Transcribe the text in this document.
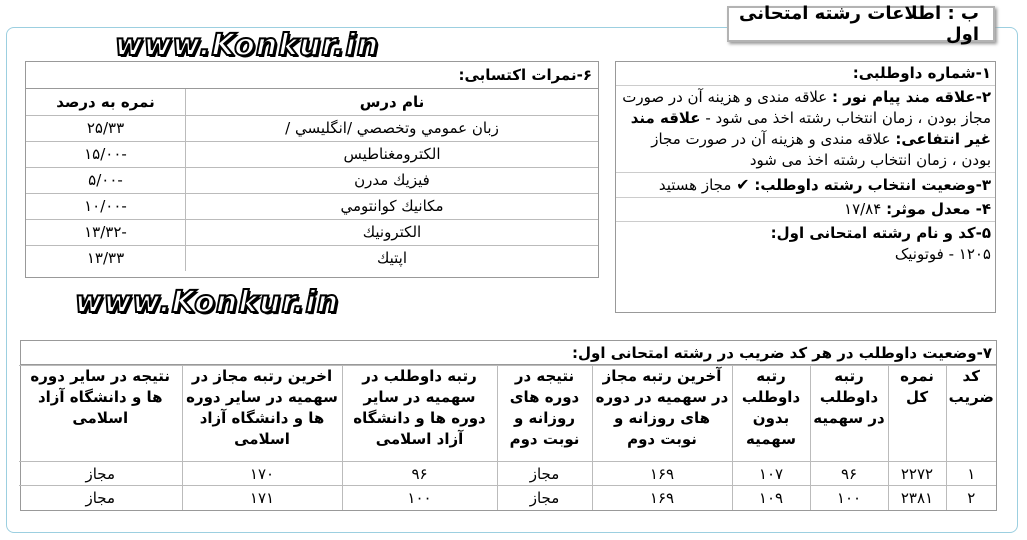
ب : اطلاعات رشته امتحانی اول
www.Konkur.in
www.Konkur.in
۶-نمرات اکتسابی:
نام درس	نمره به درصد
زبان عمومي وتخصصي /انگليسي /	۲۵/۳۳
الكترومغناطيس	-۱۵/۰۰
فيزيك مدرن	-۵/۰۰
مكانيك كوانتومي	-۱۰/۰۰
الكترونيك	-۱۳/۳۲
اپتيك	۱۳/۳۳
۱-شماره داوطلبی:
۲-علاقه مند پیام نور : علاقه مندی و هزینه آن در صورت مجاز بودن ، زمان انتخاب رشته اخذ می شود - علاقه مند غیر انتفاعی: علاقه مندی و هزینه آن در صورت مجاز بودن ، زمان انتخاب رشته اخذ می شود
۳-وضعیت انتخاب رشته داوطلب: ✔ مجاز هستید
۴- معدل موثر: ۱۷/۸۴
۵-کد و نام رشته امتحانی اول:
۱۲۰۵ - فوتونیک
۷-وضعیت داوطلب در هر کد ضریب در رشته امتحانی اول:
کد ضریب	نمره کل	رتبه داوطلب در سهمیه	رتبه داوطلب بدون سهمیه	آخرین رتبه مجاز در سهمیه در دوره های روزانه و نوبت دوم	نتیجه در دوره های روزانه و نوبت دوم	رتبه داوطلب در سهمیه در سایر دوره ها و دانشگاه آزاد اسلامی	اخرین رتبه مجاز در سهمیه در سایر دوره ها و دانشگاه آزاد اسلامی	نتیجه در سایر دوره ها و دانشگاه آزاد اسلامی
۱	۲۲۷۲	۹۶	۱۰۷	۱۶۹	مجاز	۹۶	۱۷۰	مجاز
۲	۲۳۸۱	۱۰۰	۱۰۹	۱۶۹	مجاز	۱۰۰	۱۷۱	مجاز
